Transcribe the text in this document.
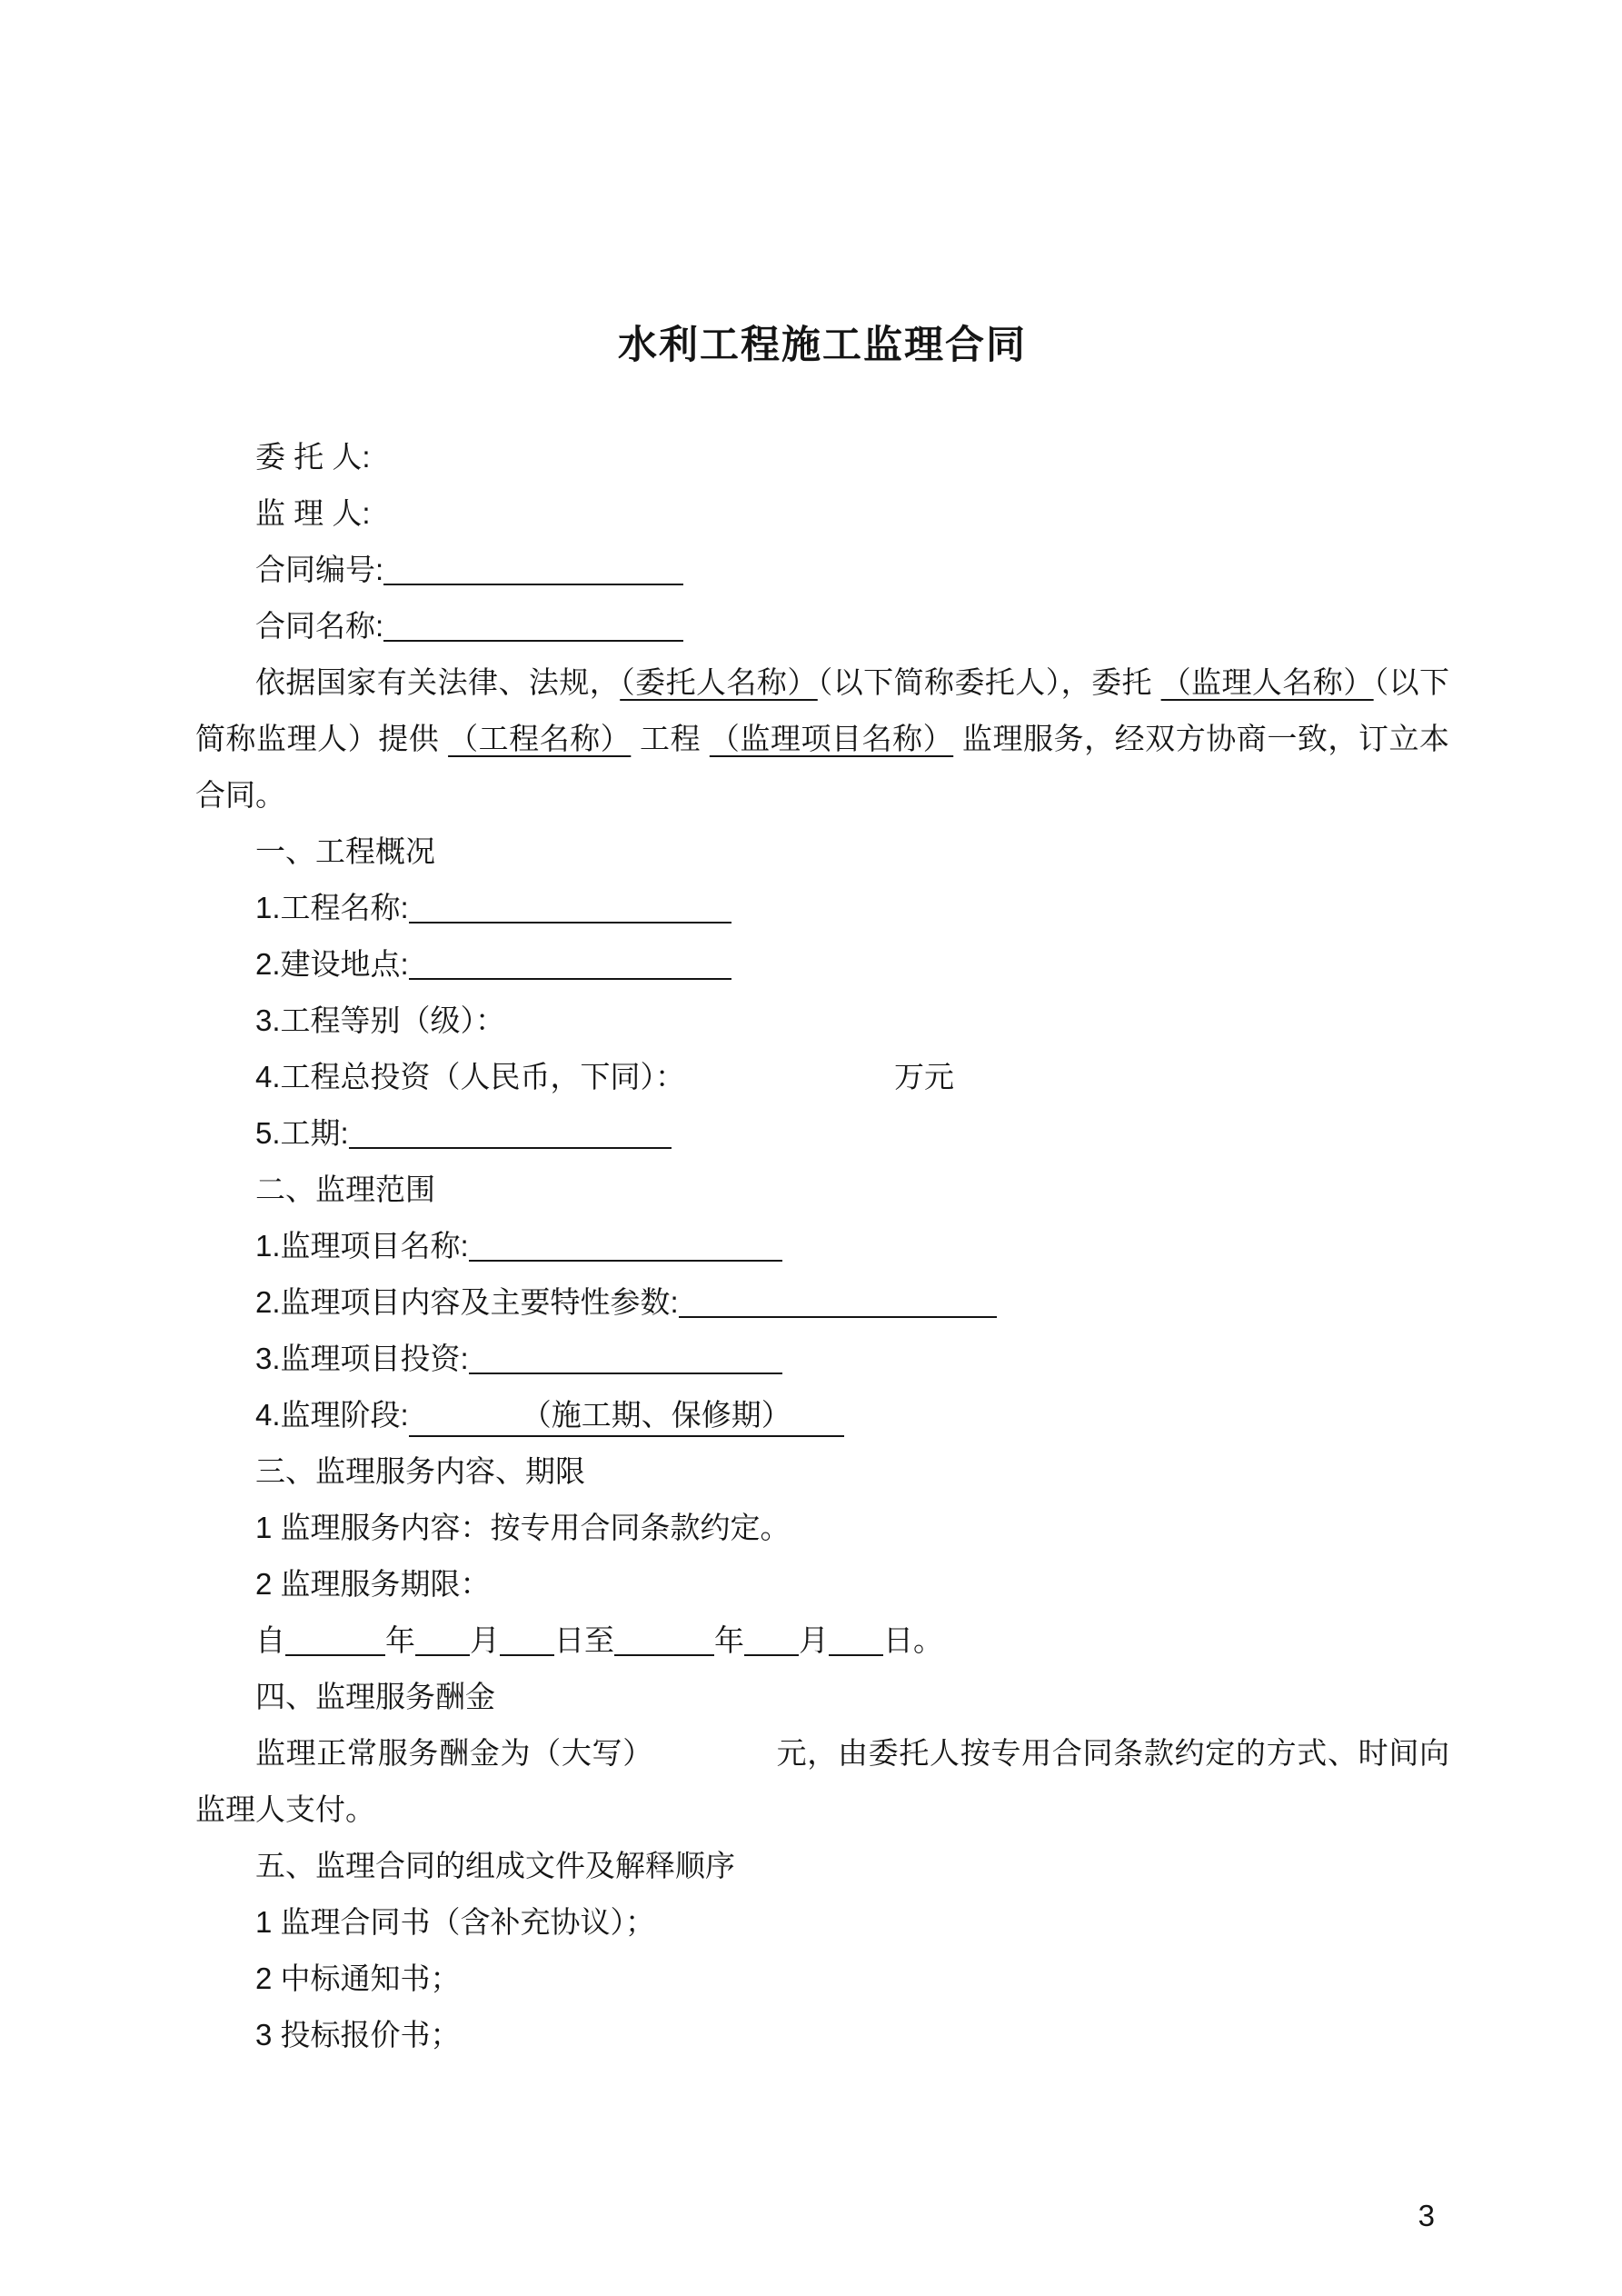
水利工程施工监理合同

委 托 人:

监 理 人:

合同编号:

合同名称:

依据国家有关法律、法规，（委托人名称）（以下简称委托人），委托 （监理人名称）（以下简称监理人）提供 （工程名称） 工程 （监理项目名称） 监理服务，经双方协商一致，订立本合同。

一、工程概况

1.工程名称:

2.建设地点:

3.工程等别（级）：

4.工程总投资（人民币，下同）：	万元

5.工期:

二、监理范围

1.监理项目名称:

2.监理项目内容及主要特性参数:

3.监理项目投资:

4.监理阶段:	（施工期、保修期）

三、监理服务内容、期限

1 监理服务内容：按专用合同条款约定。

2 监理服务期限：

自	年 月 日至	年 月 日。

四、监理服务酬金

监理正常服务酬金为（大写）	元，由委托人按专用合同条款约定的方式、时间向监理人支付。

五、监理合同的组成文件及解释顺序

1 监理合同书（含补充协议）；

2 中标通知书；

3 投标报价书；

3
